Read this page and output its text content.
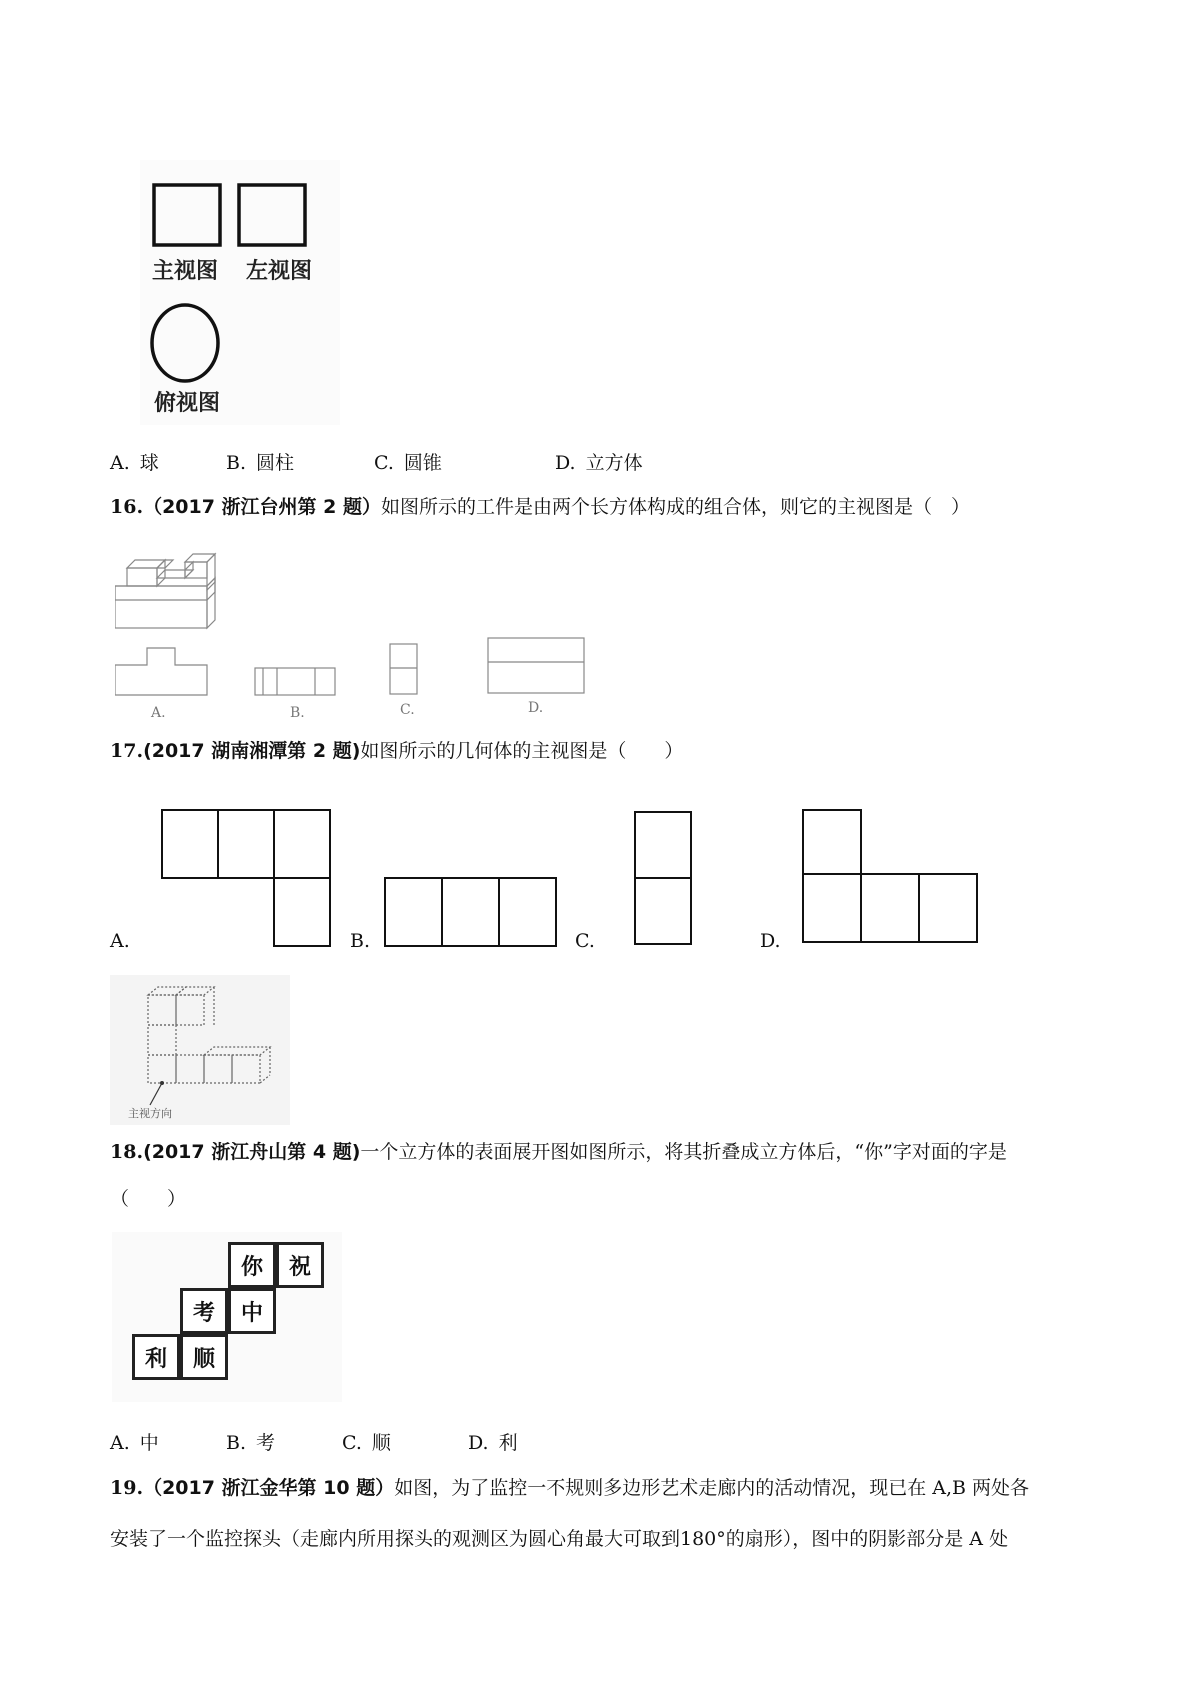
主视图 左视图
俯视图
A. 球	B. 圆柱	C. 圆锥	D. 立方体
16.（2017 浙江台州第 2 题）如图所示的工件是由两个长方体构成的组合体，则它的主视图是（　）
A.	B.	C.	D.
17.(2017 湖南湘潭第 2 题)如图所示的几何体的主视图是（　　）
A.	B.	C.	D.
主视方向
18.(2017 浙江舟山第 4 题)一个立方体的表面展开图如图所示，将其折叠成立方体后，“你”字对面的字是
（　　）
你	祝
考	中
利	顺
A. 中	B. 考	C. 顺	D. 利
19.（2017 浙江金华第 10 题）如图，为了监控一不规则多边形艺术走廊内的活动情况，现已在 A,B 两处各
安装了一个监控探头（走廊内所用探头的观测区为圆心角最大可取到180°的扇形），图中的阴影部分是 A 处
